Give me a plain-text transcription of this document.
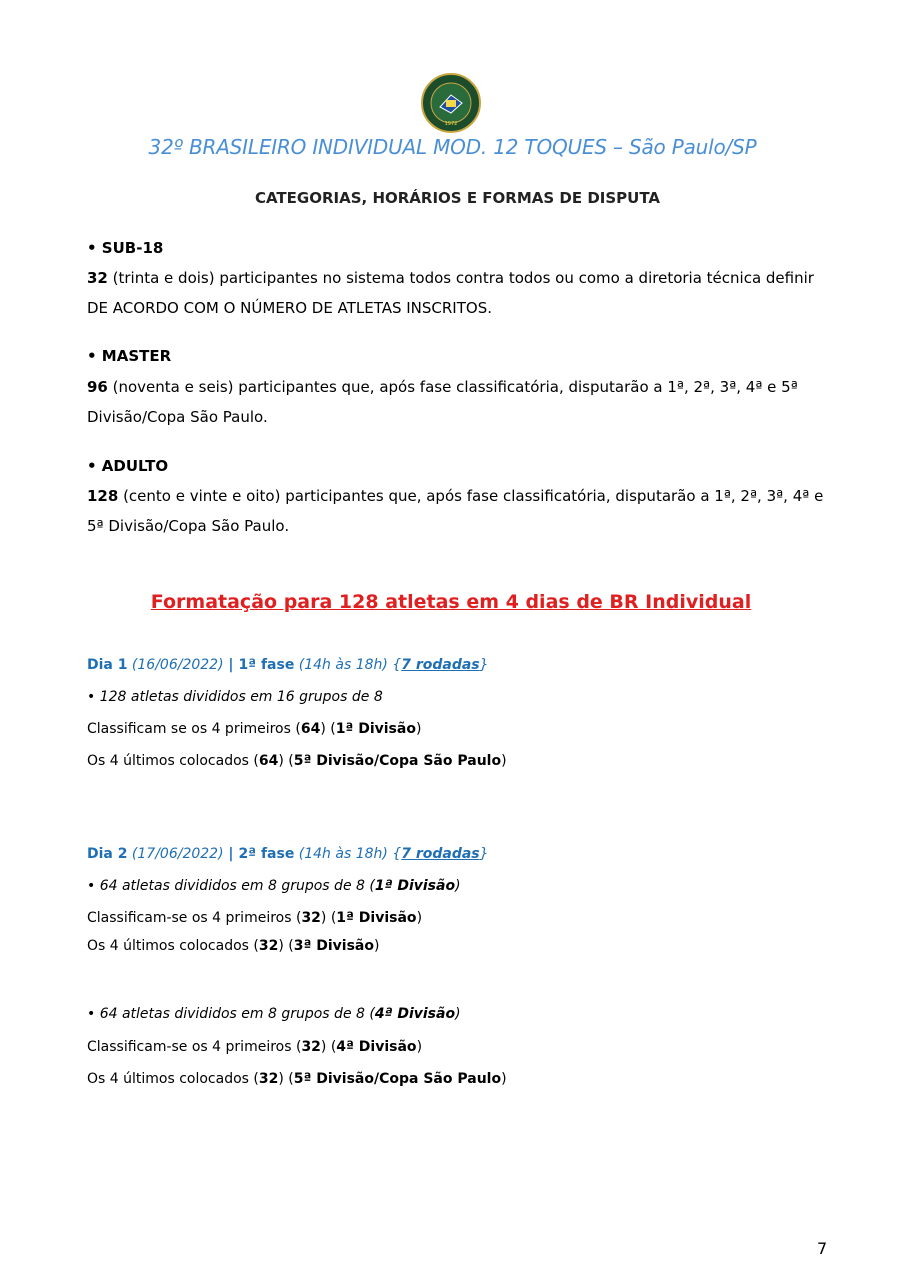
1972
32º BRASILEIRO INDIVIDUAL MOD. 12 TOQUES – São Paulo/SP
CATEGORIAS, HORÁRIOS E FORMAS DE DISPUTA
• SUB-18
32 (trinta e dois) participantes no sistema todos contra todos ou como a diretoria técnica definir
DE ACORDO COM O NÚMERO DE ATLETAS INSCRITOS.
• MASTER
96 (noventa e seis) participantes que, após fase classificatória, disputarão a 1ª, 2ª, 3ª, 4ª e 5ª
Divisão/Copa São Paulo.
• ADULTO
128 (cento e vinte e oito) participantes que, após fase classificatória, disputarão a 1ª, 2ª, 3ª, 4ª e
5ª Divisão/Copa São Paulo.
Formatação para 128 atletas em 4 dias de BR Individual
Dia 1 (16/06/2022) | 1ª fase (14h às 18h) {7 rodadas}
• 128 atletas divididos em 16 grupos de 8
Classificam se os 4 primeiros (64) (1ª Divisão)
Os 4 últimos colocados (64) (5ª Divisão/Copa São Paulo)
Dia 2 (17/06/2022) | 2ª fase (14h às 18h) {7 rodadas}
• 64 atletas divididos em 8 grupos de 8 (1ª Divisão)
Classificam-se os 4 primeiros (32) (1ª Divisão)
Os 4 últimos colocados (32) (3ª Divisão)
• 64 atletas divididos em 8 grupos de 8 (4ª Divisão)
Classificam-se os 4 primeiros (32) (4ª Divisão)
Os 4 últimos colocados (32) (5ª Divisão/Copa São Paulo)
7
